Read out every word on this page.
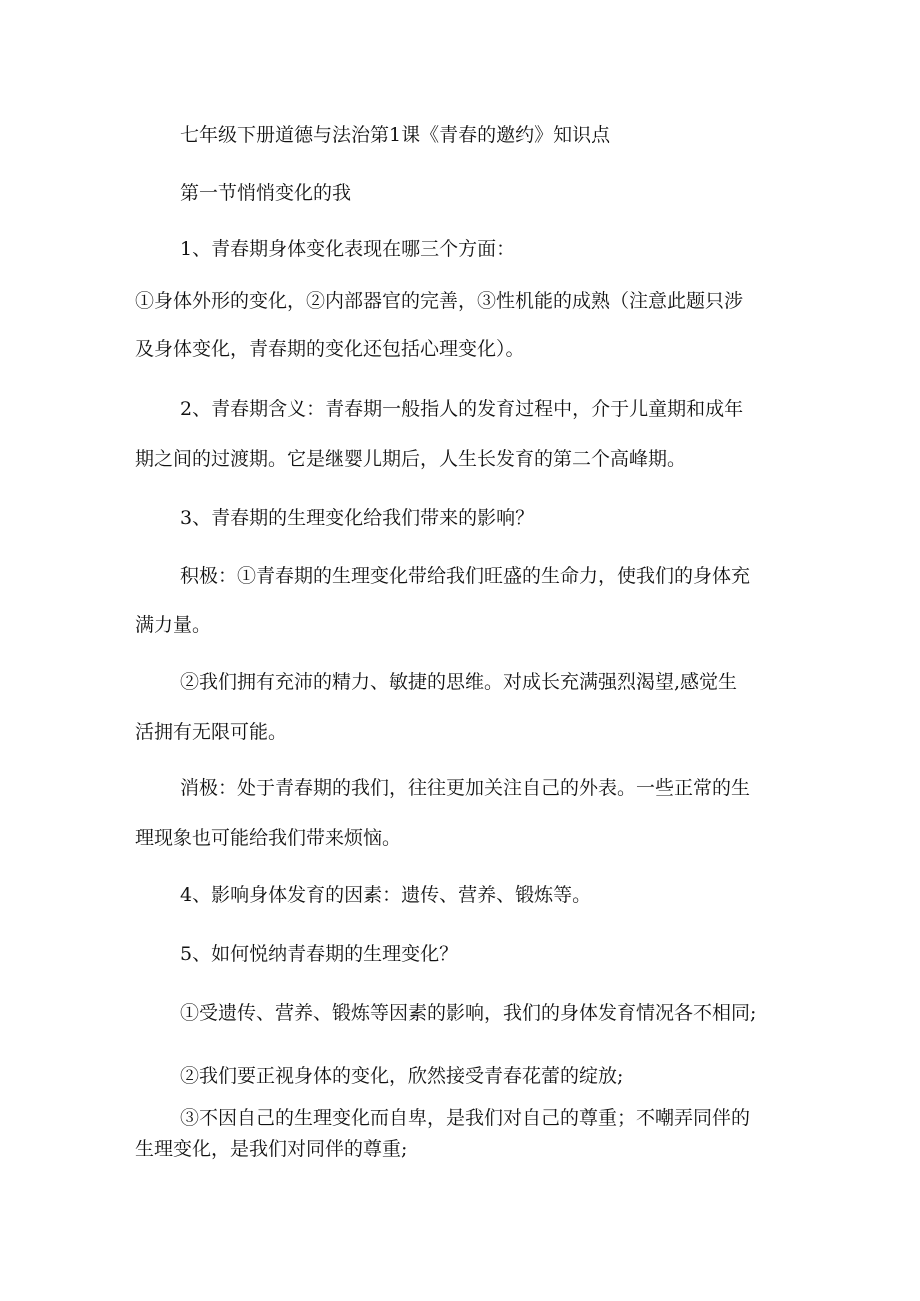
七年级下册道德与法治第1课《青春的邀约》知识点
第一节悄悄变化的我
1、青春期身体变化表现在哪三个方面：
①身体外形的变化，②内部器官的完善，③性机能的成熟（注意此题只涉
及身体变化，青春期的变化还包括心理变化）。
2、青春期含义：青春期一般指人的发育过程中，介于儿童期和成年
期之间的过渡期。它是继婴儿期后，人生长发育的第二个高峰期。
3、青春期的生理变化给我们带来的影响？
积极：①青春期的生理变化带给我们旺盛的生命力，使我们的身体充
满力量。
②我们拥有充沛的精力、敏捷的思维。对成长充满强烈渴望,感觉生
活拥有无限可能。
消极：处于青春期的我们，往往更加关注自己的外表。一些正常的生
理现象也可能给我们带来烦恼。
4、影响身体发育的因素：遗传、营养、锻炼等。
5、如何悦纳青春期的生理变化？
①受遗传、营养、锻炼等因素的影响，我们的身体发育情况各不相同;
②我们要正视身体的变化，欣然接受青春花蕾的绽放;
③不因自己的生理变化而自卑，是我们对自己的尊重；不嘲弄同伴的
生理变化，是我们对同伴的尊重;
